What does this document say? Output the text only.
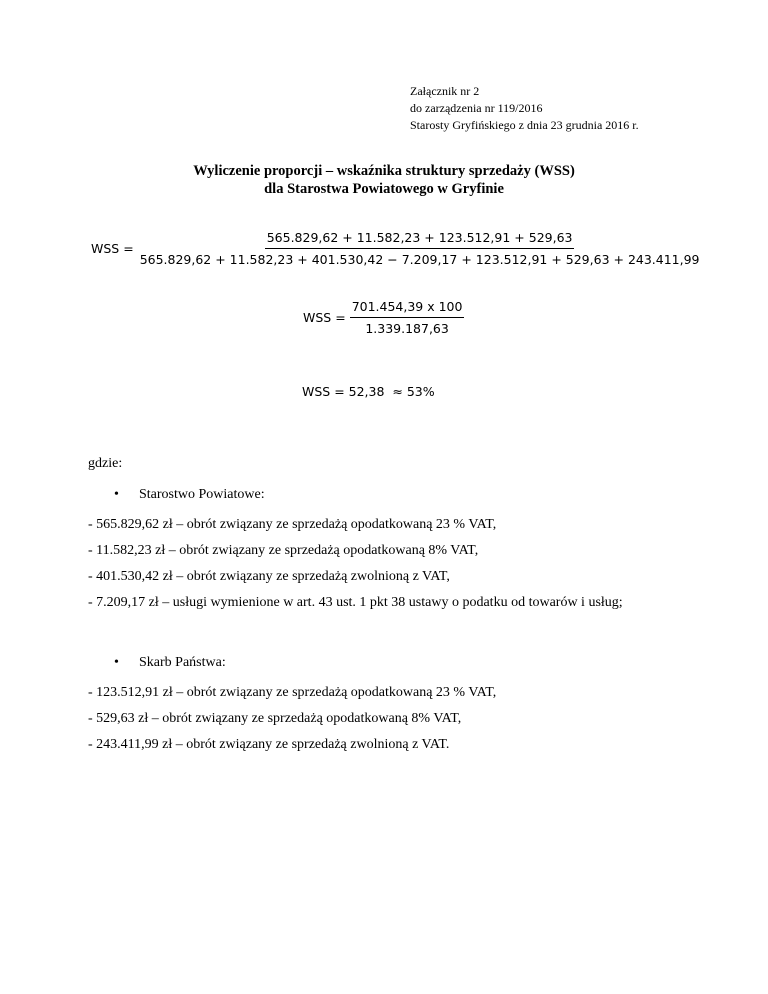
Załącznik nr 2
do zarządzenia nr 119/2016
Starosty Gryfińskiego z dnia 23 grudnia 2016 r.
Wyliczenie proporcji – wskaźnika struktury sprzedaży (WSS)
dla Starostwa Powiatowego w Gryfinie
WSS =
565.829,62 + 11.582,23 + 123.512,91 + 529,63
565.829,62 + 11.582,23 + 401.530,42 − 7.209,17 + 123.512,91 + 529,63 + 243.411,99
WSS = $\frac{701.454,39 x 100}{1.339.187,63}$
WSS = 52,38  ≈ 53%
gdzie:
• Starostwo Powiatowe:
- 565.829,62 zł – obrót związany ze sprzedażą opodatkowaną 23 % VAT,
- 11.582,23 zł – obrót związany ze sprzedażą opodatkowaną 8% VAT,
- 401.530,42 zł – obrót związany ze sprzedażą zwolnioną z VAT,
- 7.209,17 zł – usługi wymienione w art. 43 ust. 1 pkt 38 ustawy o podatku od towarów i usług;
• Skarb Państwa:
- 123.512,91 zł – obrót związany ze sprzedażą opodatkowaną 23 % VAT,
- 529,63 zł – obrót związany ze sprzedażą opodatkowaną 8% VAT,
- 243.411,99 zł – obrót związany ze sprzedażą zwolnioną z VAT.
